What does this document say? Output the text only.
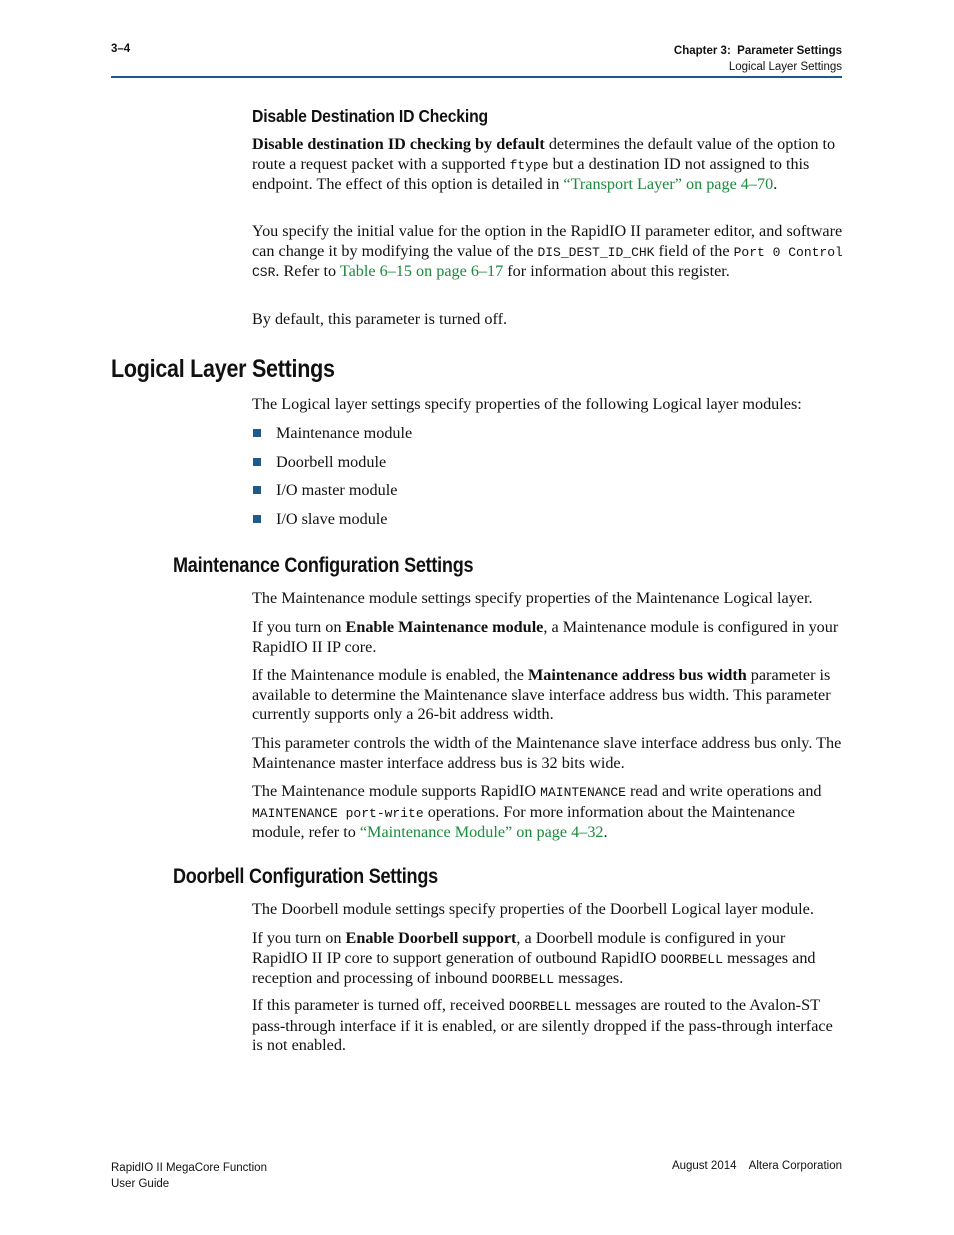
3–4	Chapter 3:  Parameter Settings
Logical Layer Settings
Disable Destination ID Checking

Disable destination ID checking by default determines the default value of the option to route a request packet with a supported ftype but a destination ID not assigned to this endpoint. The effect of this option is detailed in “Transport Layer” on page 4–70.

You specify the initial value for the option in the RapidIO II parameter editor, and software can change it by modifying the value of the DIS_DEST_ID_CHK field of the Port 0 Control CSR. Refer to Table 6–15 on page 6–17 for information about this register.

By default, this parameter is turned off.

Logical Layer Settings

The Logical layer settings specify properties of the following Logical layer modules:

Maintenance module
Doorbell module
I/O master module
I/O slave module
Maintenance Configuration Settings

The Maintenance module settings specify properties of the Maintenance Logical layer.

If you turn on Enable Maintenance module, a Maintenance module is configured in your RapidIO II IP core.

If the Maintenance module is enabled, the Maintenance address bus width parameter is available to determine the Maintenance slave interface address bus width. This parameter currently supports only a 26-bit address width.

This parameter controls the width of the Maintenance slave interface address bus only. The Maintenance master interface address bus is 32 bits wide.

The Maintenance module supports RapidIO MAINTENANCE read and write operations and MAINTENANCE port-write operations. For more information about the Maintenance module, refer to “Maintenance Module” on page 4–32.

Doorbell Configuration Settings

The Doorbell module settings specify properties of the Doorbell Logical layer module.

If you turn on Enable Doorbell support, a Doorbell module is configured in your RapidIO II IP core to support generation of outbound RapidIO DOORBELL messages and reception and processing of inbound DOORBELL messages.

If this parameter is turned off, received DOORBELL messages are routed to the Avalon-ST pass-through interface if it is enabled, or are silently dropped if the pass-through interface is not enabled.

RapidIO II MegaCore Function
User Guide
August 2014    Altera Corporation
